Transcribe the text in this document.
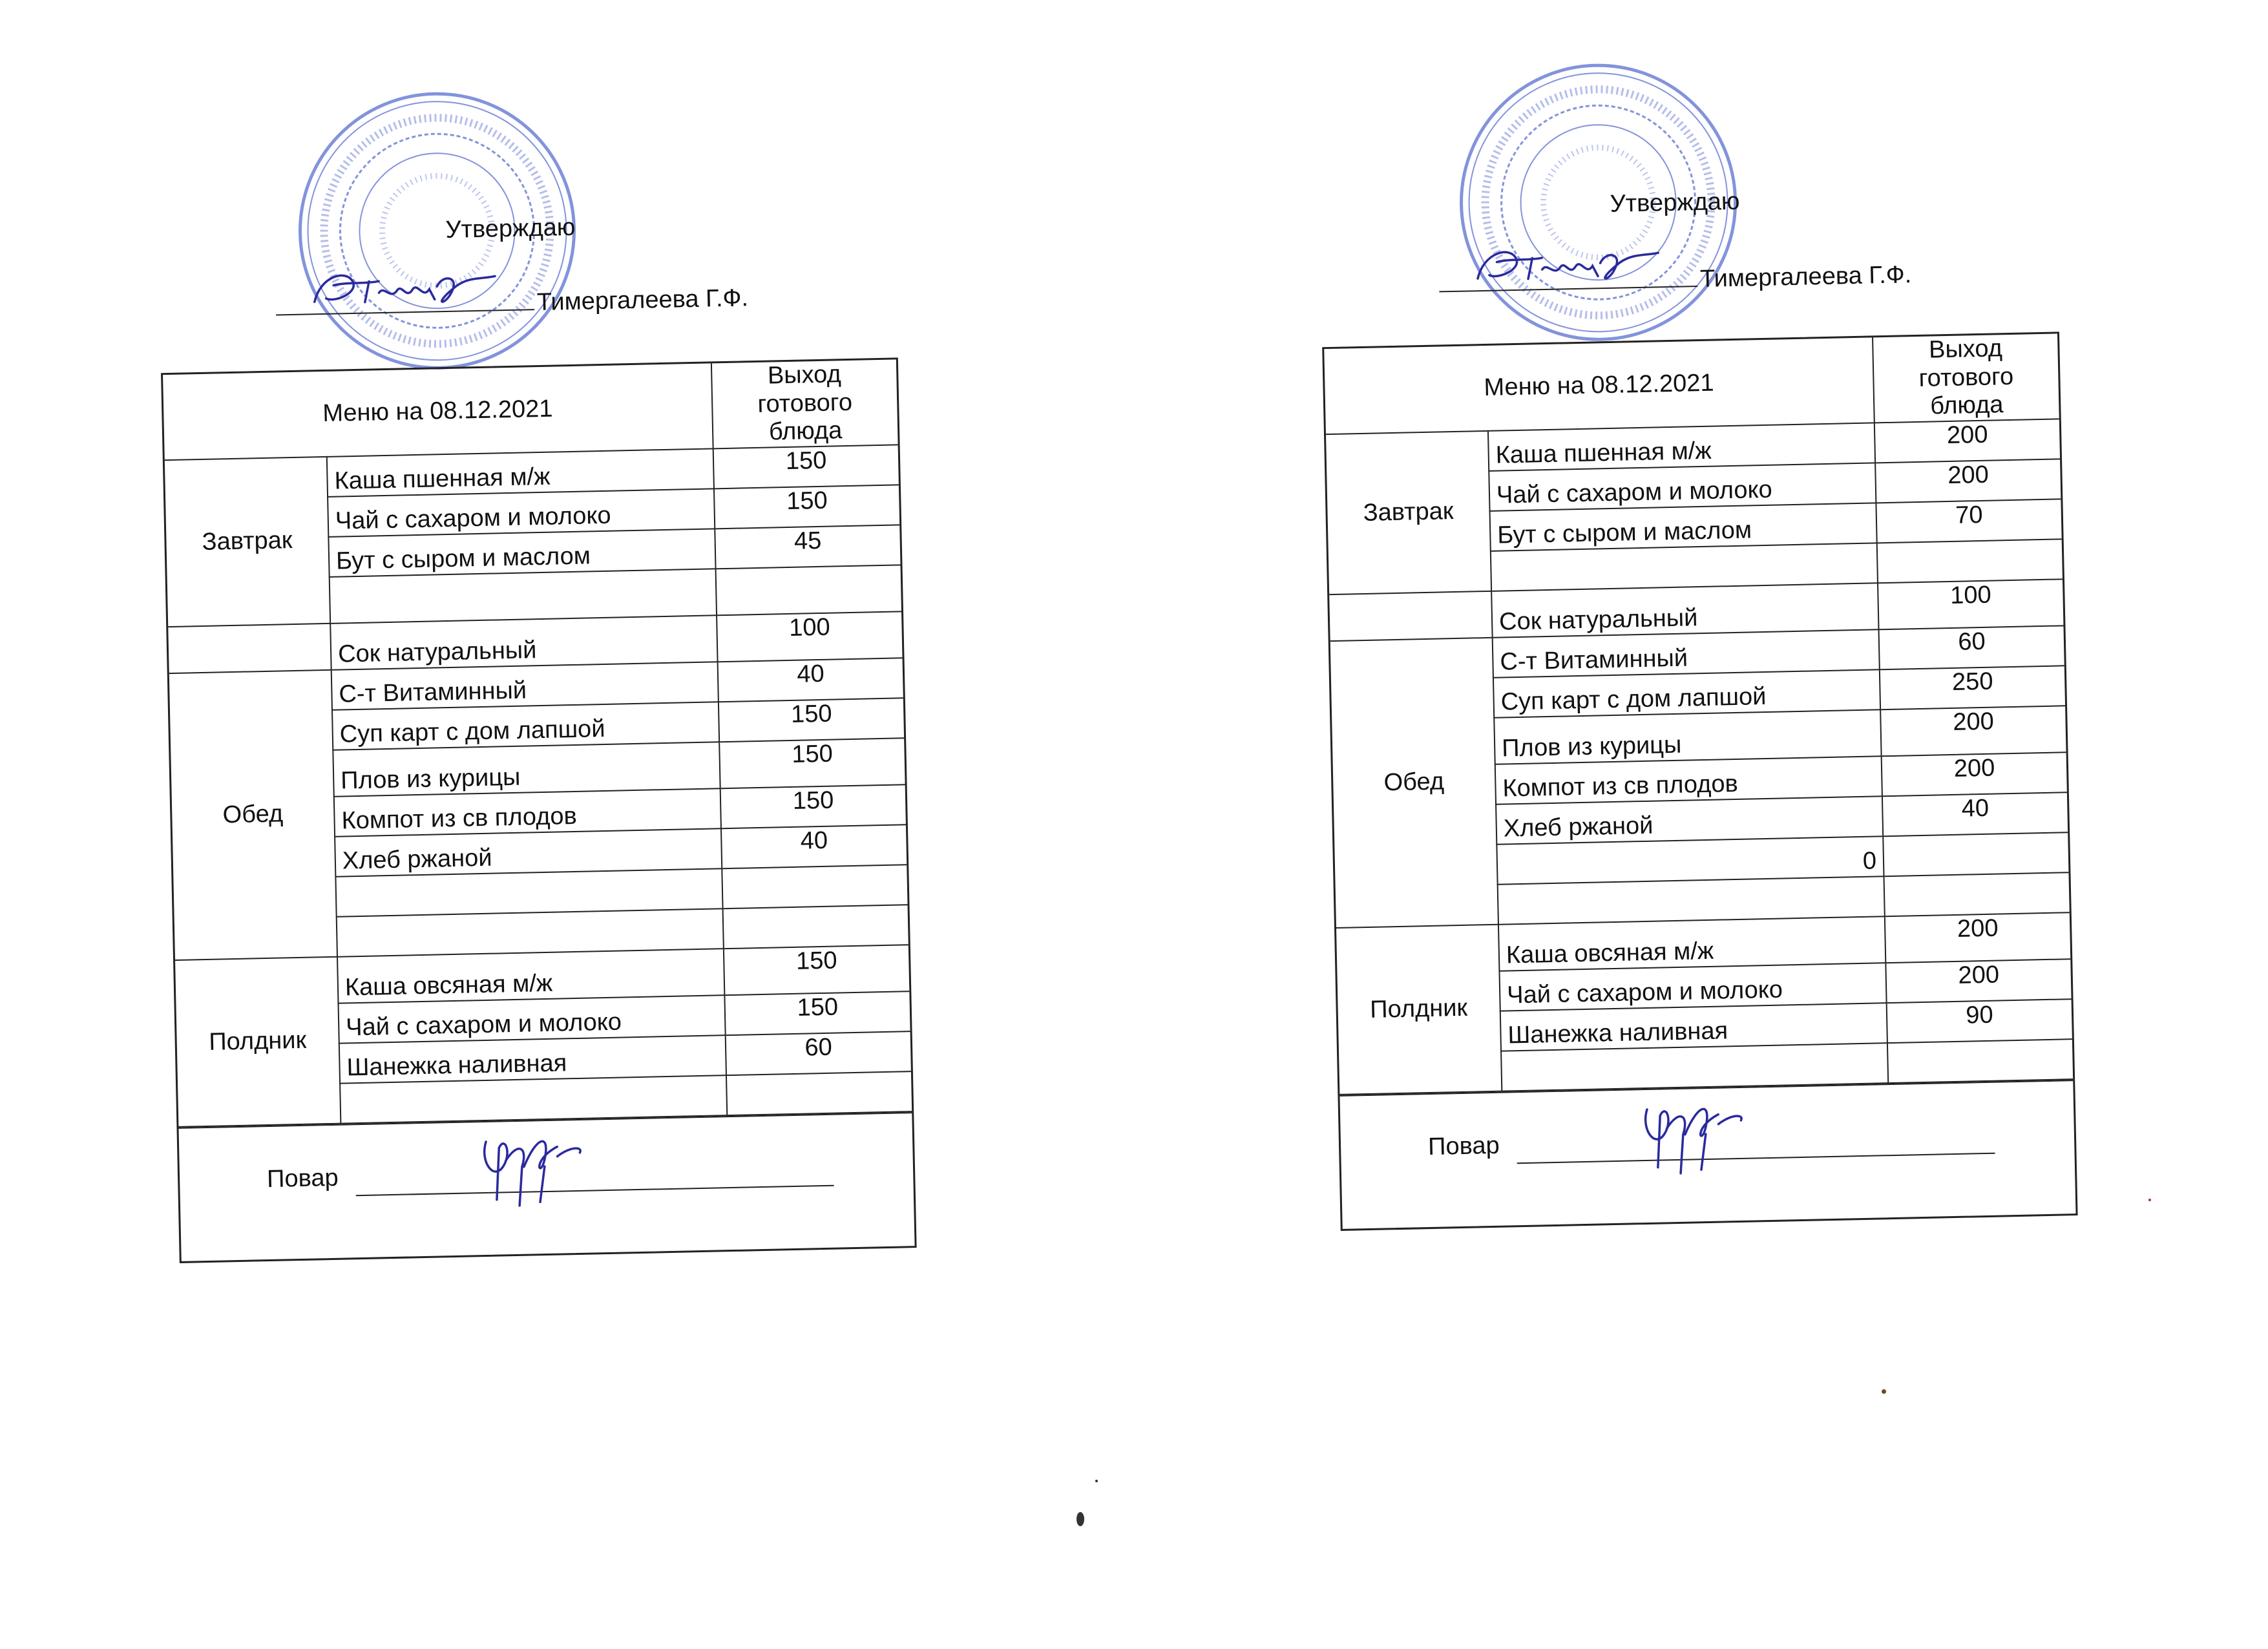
Утверждаю
Тимергалеева Г.Ф.
Меню на 08.12.2021		Выход
готового
блюда
Завтрак	Каша пшенная м/ж	150
	Чай с сахаром и молоко	150
	Бут с сыром и маслом	45

	Сок натуральный	100
Обед	С-т Витаминный	40
	Суп карт с дом лапшой	150
	Плов из курицы	150
	Компот из св плодов	150
	Хлеб ржаной	40

Полдник	Каша овсяная м/ж	150
	Чай с сахаром и молоко	150
	Шанежка наливная	60

Повар
Утверждаю
Тимергалеева Г.Ф.
Меню на 08.12.2021		Выход
готового
блюда
Завтрак	Каша пшенная м/ж	200
	Чай с сахаром и молоко	200
	Бут с сыром и маслом	70

	Сок натуральный	100
Обед	С-т Витаминный	60
	Суп карт с дом лапшой	250
	Плов из курицы	200
	Компот из св плодов	200
	Хлеб ржаной	40
	0	

Полдник	Каша овсяная м/ж	200
	Чай с сахаром и молоко	200
	Шанежка наливная	90

Повар
